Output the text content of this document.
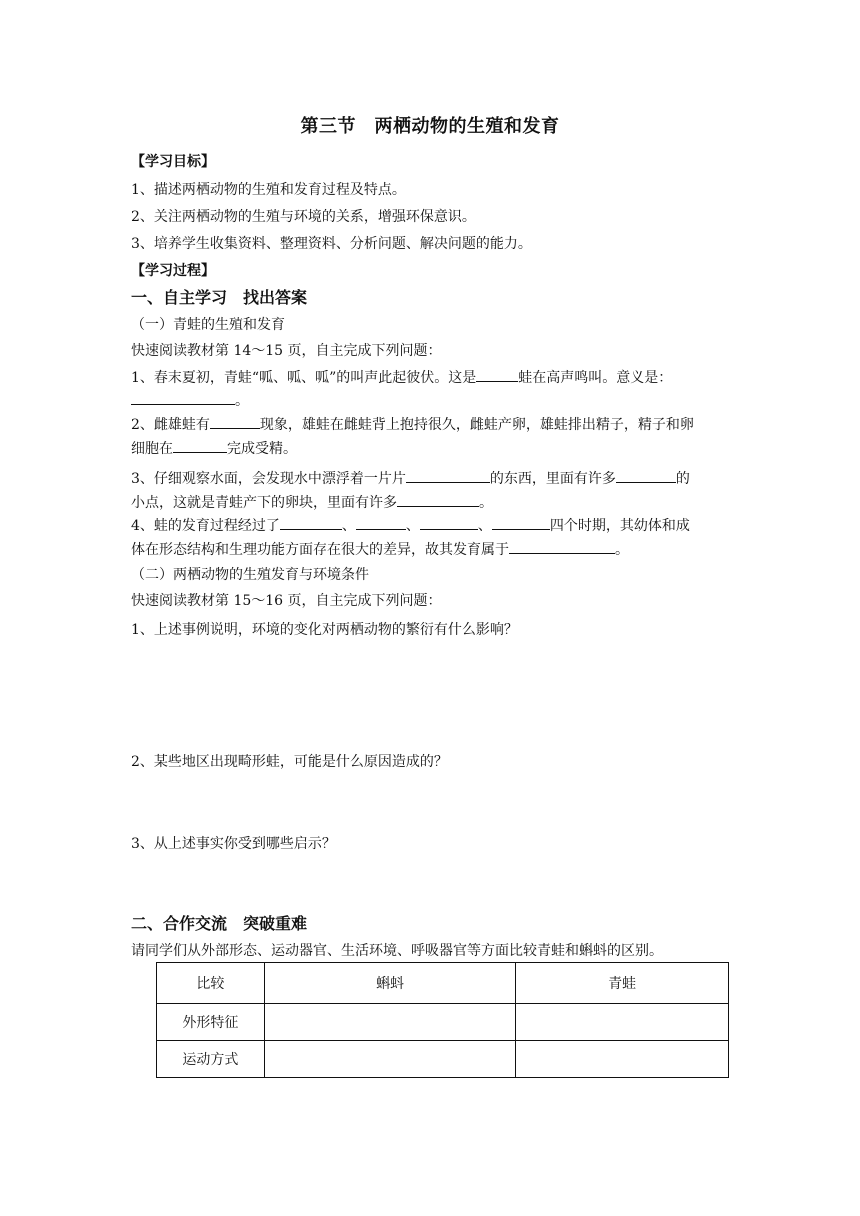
第三节　两栖动物的生殖和发育
【学习目标】
1、描述两栖动物的生殖和发育过程及特点。
2、关注两栖动物的生殖与环境的关系，增强环保意识。
3、培养学生收集资料、整理资料、分析问题、解决问题的能力。
【学习过程】
一、自主学习　找出答案
（一）青蛙的生殖和发育
快速阅读教材第 14～15 页，自主完成下列问题：
1、春末夏初，青蛙“呱、呱、呱”的叫声此起彼伏。这是	蛙在高声鸣叫。意义是：
。
2、雌雄蛙有	现象，雄蛙在雌蛙背上抱持很久，雌蛙产卵，雄蛙排出精子，精子和卵
细胞在	完成受精。
3、仔细观察水面，会发现水中漂浮着一片片	的东西，里面有许多	的
小点，这就是青蛙产下的卵块，里面有许多	。
4、蛙的发育过程经过了	、	、	、	四个时期，其幼体和成
体在形态结构和生理功能方面存在很大的差异，故其发育属于	。
（二）两栖动物的生殖发育与环境条件
快速阅读教材第 15～16 页，自主完成下列问题：
1、上述事例说明，环境的变化对两栖动物的繁衍有什么影响？
2、某些地区出现畸形蛙，可能是什么原因造成的？
3、从上述事实你受到哪些启示？
二、合作交流　突破重难
请同学们从外部形态、运动器官、生活环境、呼吸器官等方面比较青蛙和蝌蚪的区别。
比较	蝌蚪	青蛙
外形特征		
运动方式		
